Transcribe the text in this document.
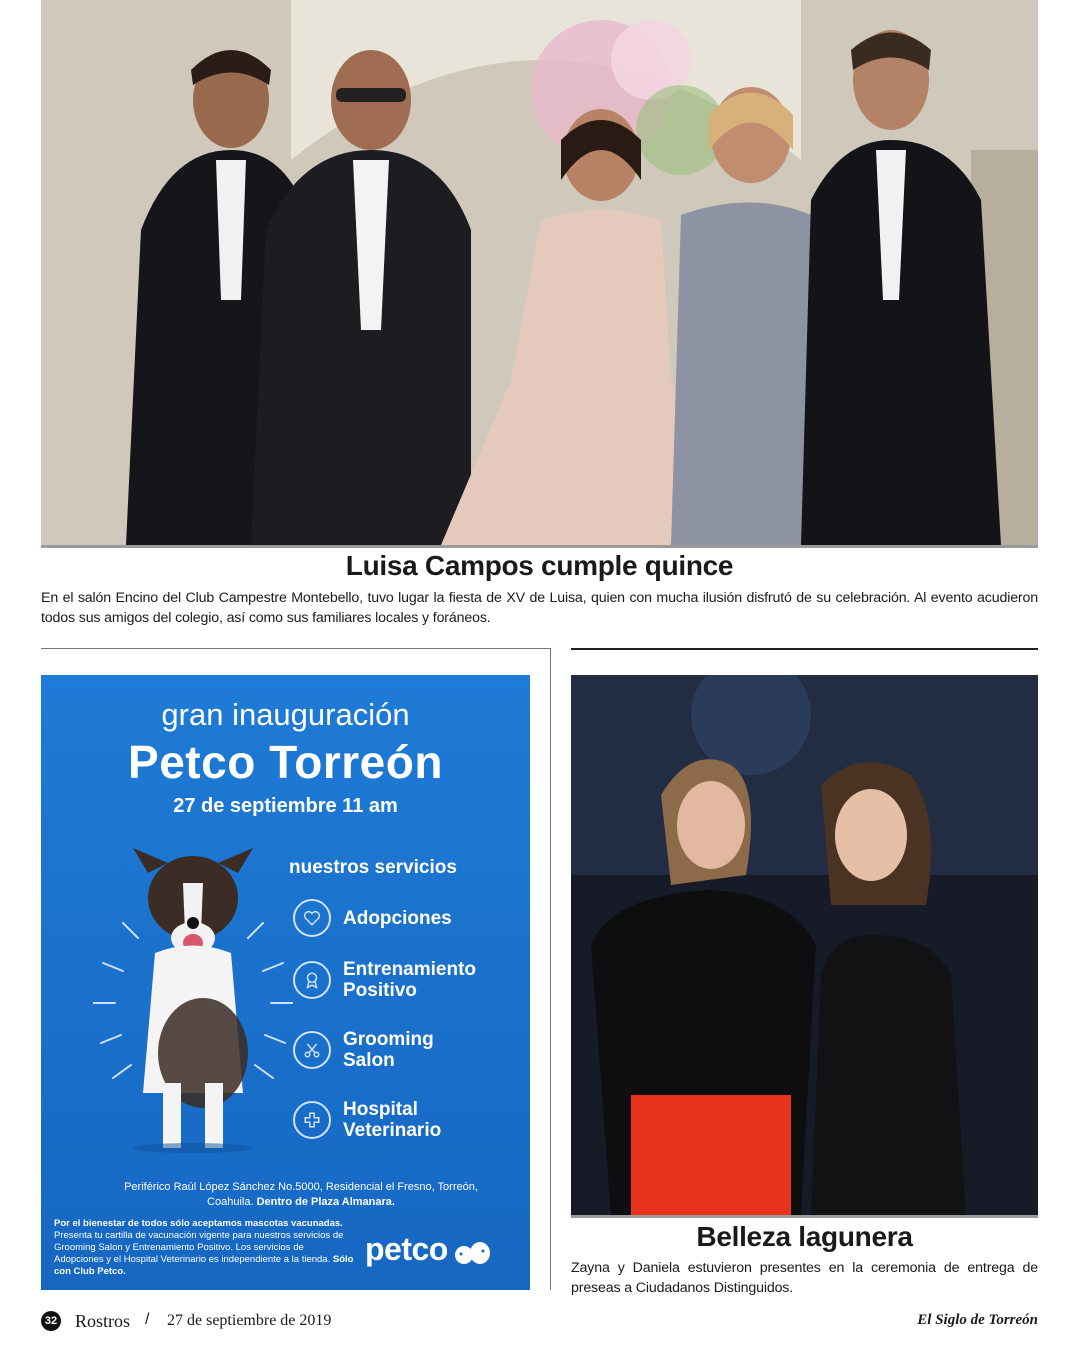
Luisa Campos cumple quince

En el salón Encino del Club Campestre Montebello, tuvo lugar la fiesta de XV de Luisa, quien con mucha ilusión disfrutó de su celebración. Al evento acudieron todos sus amigos del colegio, así como sus familiares locales y foráneos.

gran inauguración
Petco Torreón
27 de septiembre 11 am
nuestros servicios
Adopciones
Entrenamiento Positivo
Grooming Salon
Hospital Veterinario
Periférico Raúl López Sánchez No.5000, Residencial el Fresno, Torreón, Coahuila. Dentro de Plaza Almanara.
Por el bienestar de todos sólo aceptamos mascotas vacunadas. Presenta tu cartilla de vacunación vigente para nuestros servicios de Grooming Salon y Entrenamiento Positivo. Los servicios de Adopciones y el Hospital Veterinario es independiente a la tienda. Sólo con Club Petco.
petco	Belleza lagunera

Zayna y Daniela estuvieron presentes en la ceremonia de entrega de preseas a Ciudadanos Distinguidos.

32 Rostros / 27 de septiembre de 2019	El Siglo de Torreón
